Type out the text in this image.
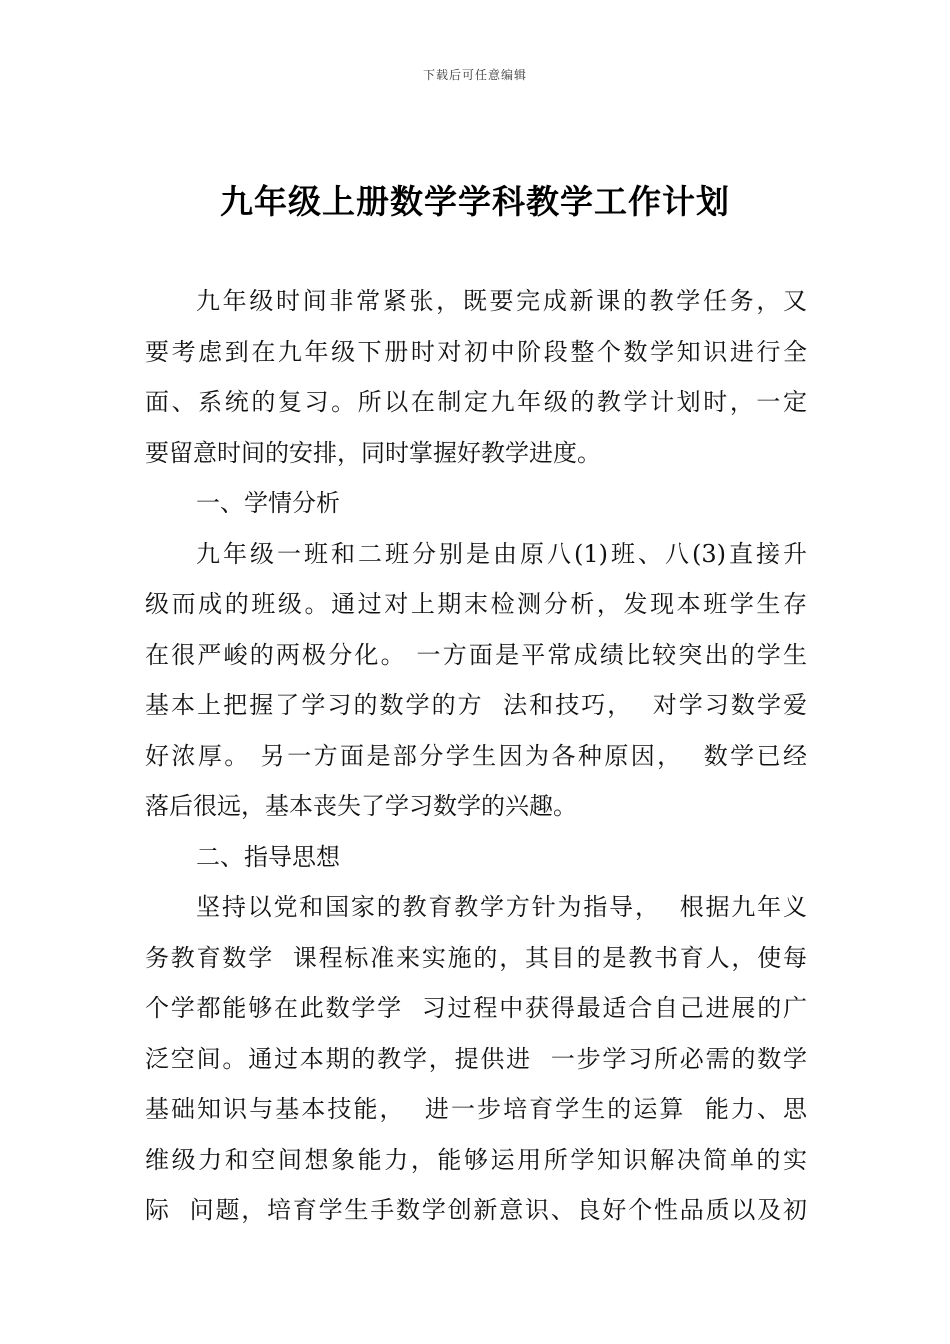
下载后可任意编辑
九年级上册数学学科教学工作计划
九年级时间非常紧张，既要完成新课的教学任务，又
要考虑到在九年级下册时对初中阶段整个数学知识进行全
面、系统的复习。所以在制定九年级的教学计划时，一定
要留意时间的安排，同时掌握好教学进度。
一、学情分析
九年级一班和二班分别是由原八(1)班、八(3)直接升
级而成的班级。通过对上期末检测分析，发现本班学生存
在很严峻的两极分化。 一方面是平常成绩比较突出的学生
基本上把握了学习的数学的方  法和技巧，  对学习数学爱
好浓厚。 另一方面是部分学生因为各种原因，  数学已经
落后很远，基本丧失了学习数学的兴趣。
二、指导思想
坚持以党和国家的教育教学方针为指导，  根据九年义
务教育数学  课程标准来实施的，其目的是教书育人，使每
个学都能够在此数学学  习过程中获得最适合自己进展的广
泛空间。通过本期的教学，提供进  一步学习所必需的数学
基础知识与基本技能，  进一步培育学生的运算  能力、思
维级力和空间想象能力，能够运用所学知识解决简单的实
际  问题，培育学生手数学创新意识、良好个性品质以及初
